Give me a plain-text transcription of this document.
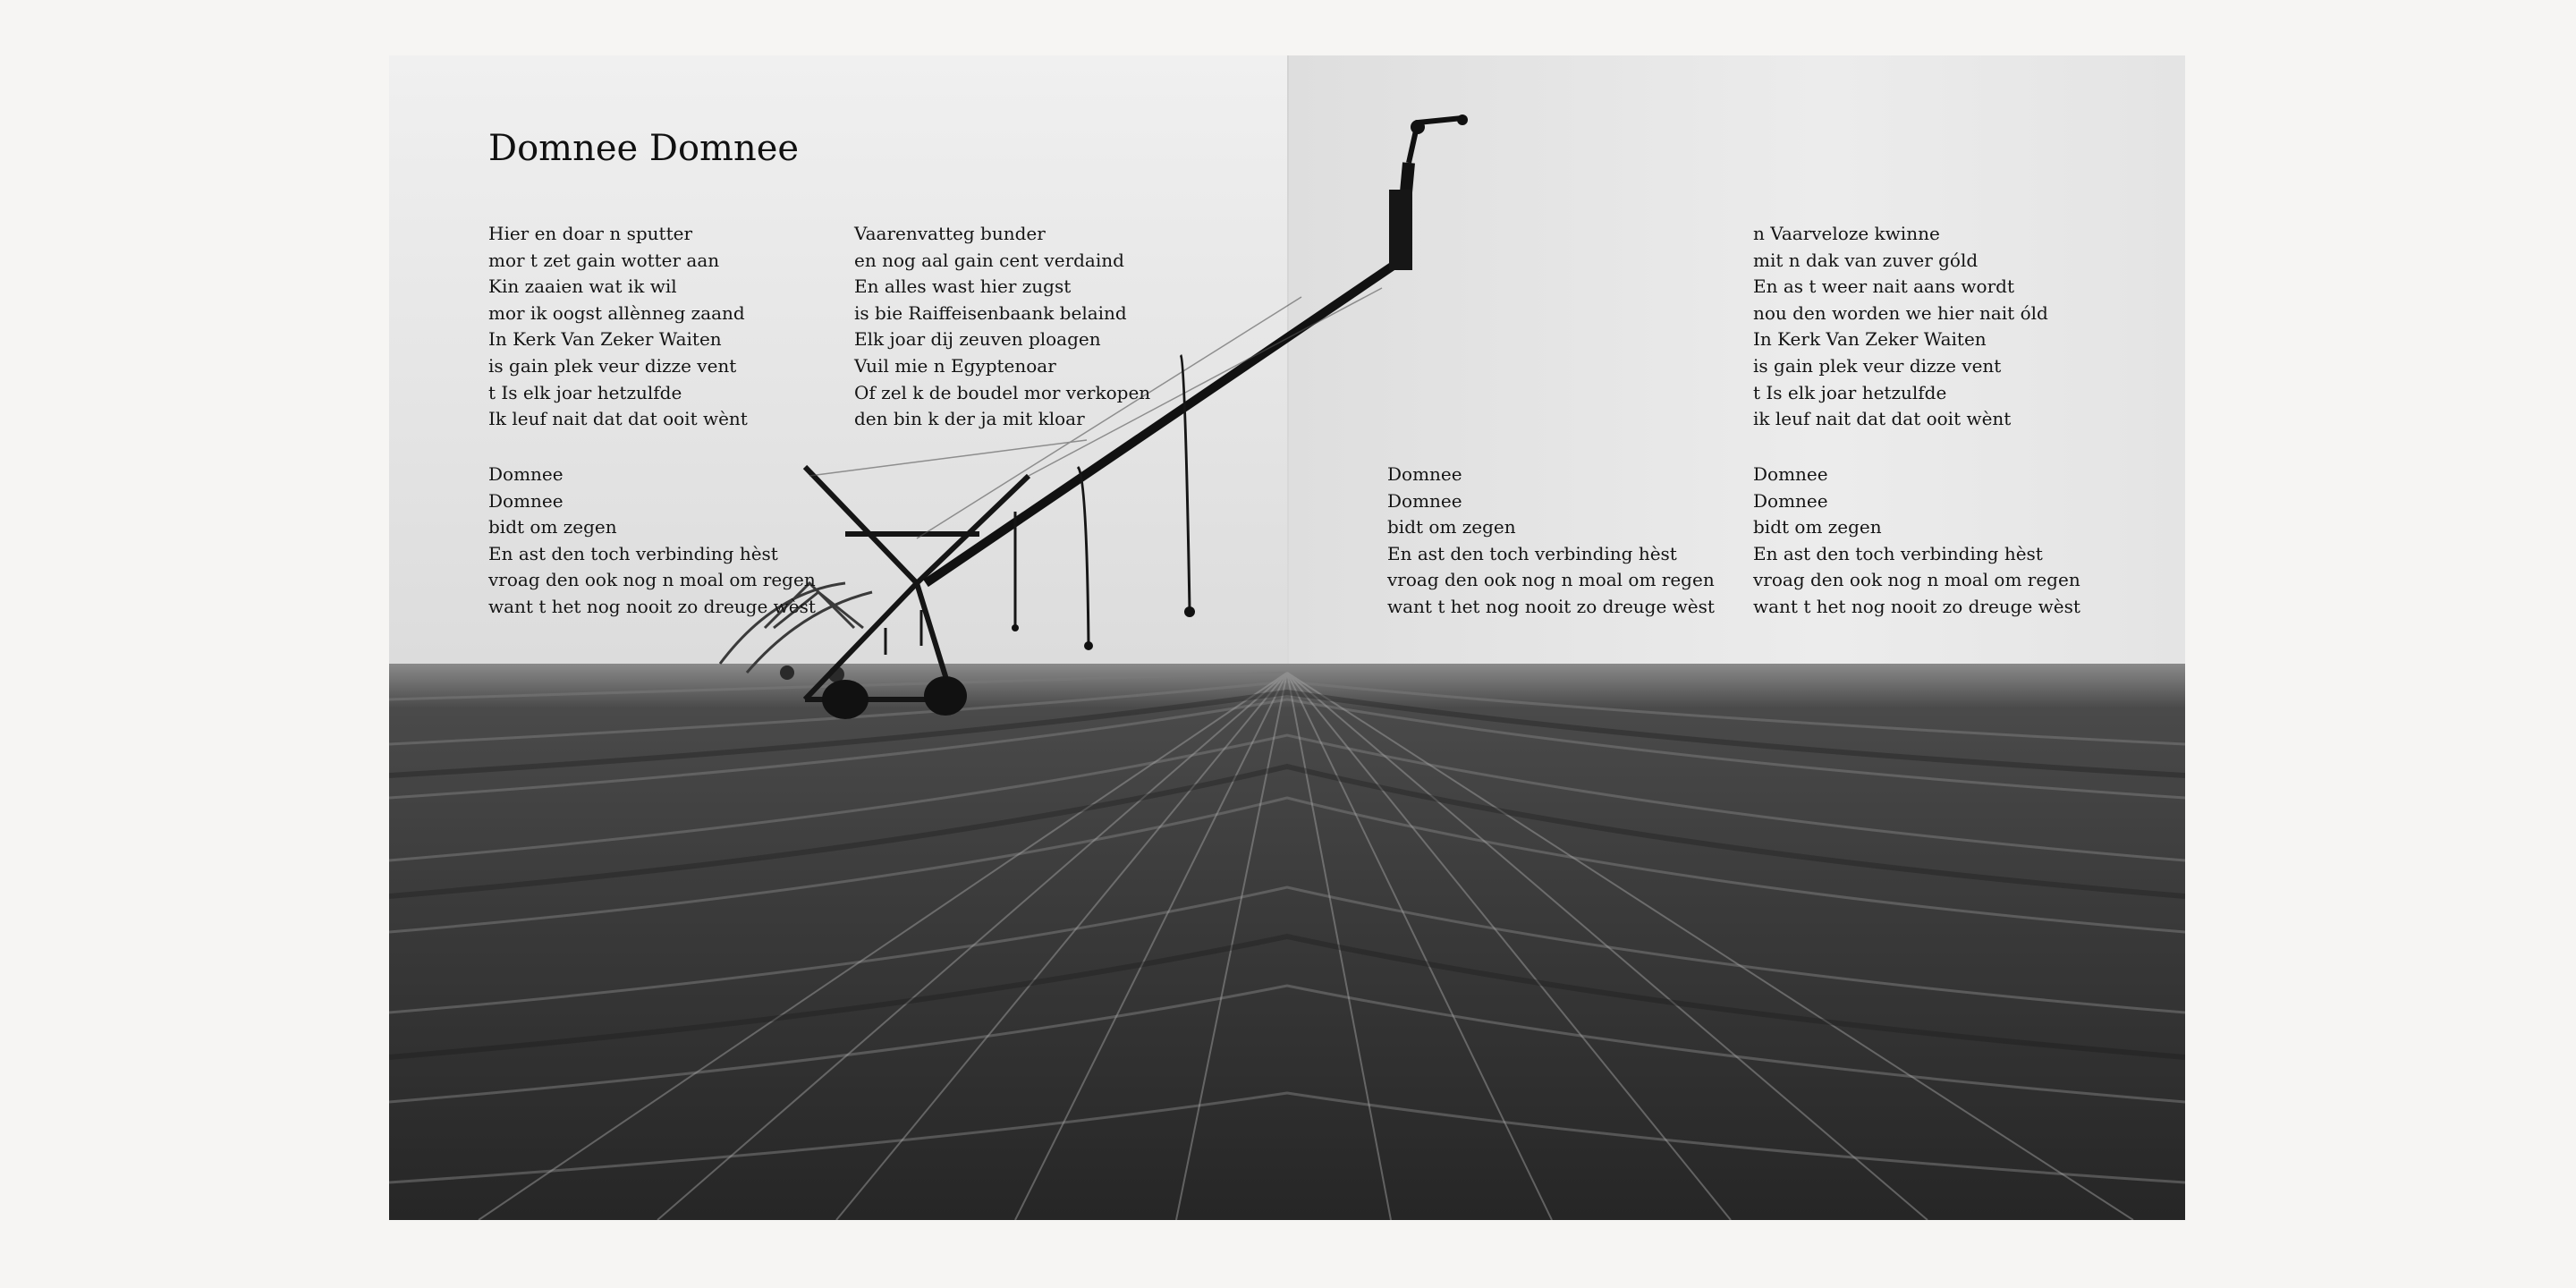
Domnee Domnee
Hier en doar n sputter
mor t zet gain wotter aan
Kin zaaien wat ik wil
mor ik oogst allènneg zaand
In Kerk Van Zeker Waiten
is gain plek veur dizze vent
t Is elk joar hetzulfde
Ik leuf nait dat dat ooit wènt
Vaarenvatteg bunder
en nog aal gain cent verdaind
En alles wast hier zugst
is bie Raiffeisenbaank belaind
Elk joar dij zeuven ploagen
Vuil mie n Egyptenoar
Of zel k de boudel mor verkopen
den bin k der ja mit kloar
n Vaarveloze kwinne
mit n dak van zuver góld
En as t weer nait aans wordt
nou den worden we hier nait óld
In Kerk Van Zeker Waiten
is gain plek veur dizze vent
t Is elk joar hetzulfde
ik leuf nait dat dat ooit wènt
Domnee
Domnee
bidt om zegen
En ast den toch verbinding hèst
vroag den ook nog n moal om regen
want t het nog nooit zo dreuge wèst
Domnee
Domnee
bidt om zegen
En ast den toch verbinding hèst
vroag den ook nog n moal om regen
want t het nog nooit zo dreuge wèst
Domnee
Domnee
bidt om zegen
En ast den toch verbinding hèst
vroag den ook nog n moal om regen
want t het nog nooit zo dreuge wèst
